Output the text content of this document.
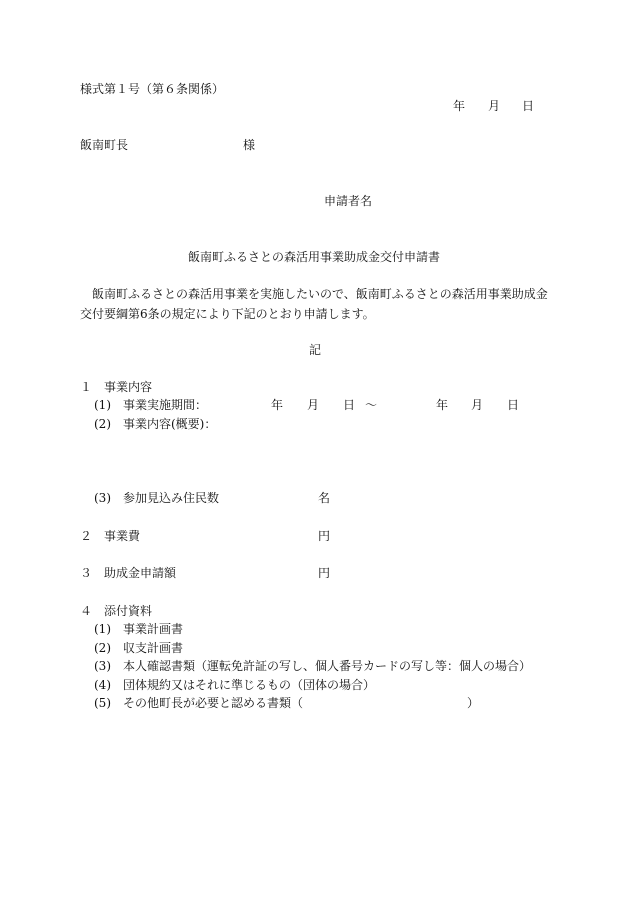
様式第１号（第６条関係）
年 月 日
飯南町長	様
申請者名
飯南町ふるさとの森活用事業助成金交付申請書
飯南町ふるさとの森活用事業を実施したいので、飯南町ふるさとの森活用事業助成金交付要綱第6条の規定により下記のとおり申請します。
記
１　事業内容
(1)　事業実施期間：	年 月 日 ～	年 月 日
(2)　事業内容(概要)：
(3)　参加見込み住民数	名
２　事業費	円
３　助成金申請額	円
４　添付資料
(1)　事業計画書
(2)　収支計画書
(3)　本人確認書類（運転免許証の写し、個人番号カードの写し等：個人の場合）
(4)　団体規約又はそれに準じるもの（団体の場合）
(5)　その他町長が必要と認める書類（	）
